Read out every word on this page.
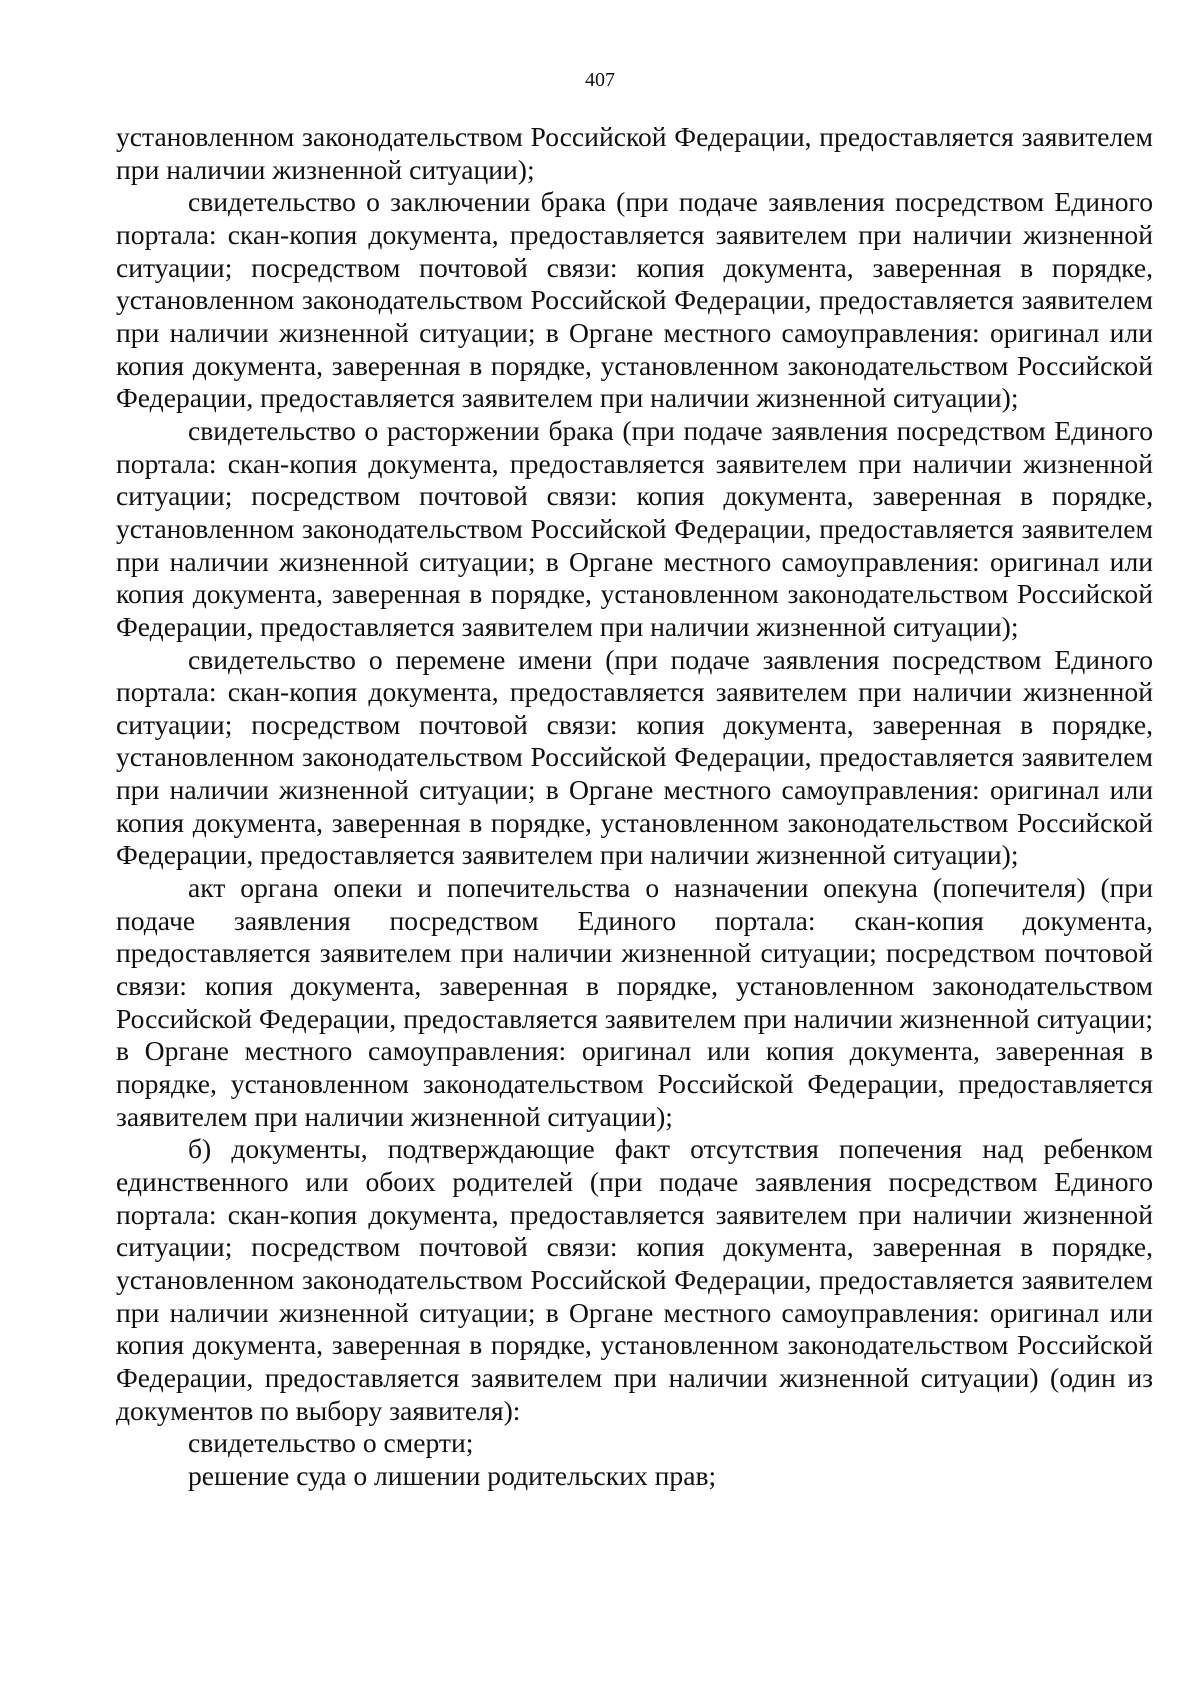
407

установленном законодательством Российской Федерации, предоставляется заявителем при наличии жизненной ситуации);

свидетельство о заключении брака (при подаче заявления посредством Единого портала: скан-копия документа, предоставляется заявителем при наличии жизненной ситуации; посредством почтовой связи: копия документа, заверенная в порядке, установленном законодательством Российской Федерации, предоставляется заявителем при наличии жизненной ситуации; в Органе местного самоуправления: оригинал или копия документа, заверенная в порядке, установленном законодательством Российской Федерации, предоставляется заявителем при наличии жизненной ситуации);

свидетельство о расторжении брака (при подаче заявления посредством Единого портала: скан-копия документа, предоставляется заявителем при наличии жизненной ситуации; посредством почтовой связи: копия документа, заверенная в порядке, установленном законодательством Российской Федерации, предоставляется заявителем при наличии жизненной ситуации; в Органе местного самоуправления: оригинал или копия документа, заверенная в порядке, установленном законодательством Российской Федерации, предоставляется заявителем при наличии жизненной ситуации);

свидетельство о перемене имени (при подаче заявления посредством Единого портала: скан-копия документа, предоставляется заявителем при наличии жизненной ситуации; посредством почтовой связи: копия документа, заверенная в порядке, установленном законодательством Российской Федерации, предоставляется заявителем при наличии жизненной ситуации; в Органе местного самоуправления: оригинал или копия документа, заверенная в порядке, установленном законодательством Российской Федерации, предоставляется заявителем при наличии жизненной ситуации);

акт органа опеки и попечительства о назначении опекуна (попечителя) (при подаче заявления посредством Единого портала: скан-копия документа, предоставляется заявителем при наличии жизненной ситуации; посредством почтовой связи: копия документа, заверенная в порядке, установленном законодательством Российской Федерации, предоставляется заявителем при наличии жизненной ситуации; в Органе местного самоуправления: оригинал или копия документа, заверенная в порядке, установленном законодательством Российской Федерации, предоставляется заявителем при наличии жизненной ситуации);

б) документы, подтверждающие факт отсутствия попечения над ребенком единственного или обоих родителей (при подаче заявления посредством Единого портала: скан-копия документа, предоставляется заявителем при наличии жизненной ситуации; посредством почтовой связи: копия документа, заверенная в порядке, установленном законодательством Российской Федерации, предоставляется заявителем при наличии жизненной ситуации; в Органе местного самоуправления: оригинал или копия документа, заверенная в порядке, установленном законодательством Российской Федерации, предоставляется заявителем при наличии жизненной ситуации) (один из документов по выбору заявителя):

свидетельство о смерти;

решение суда о лишении родительских прав;
